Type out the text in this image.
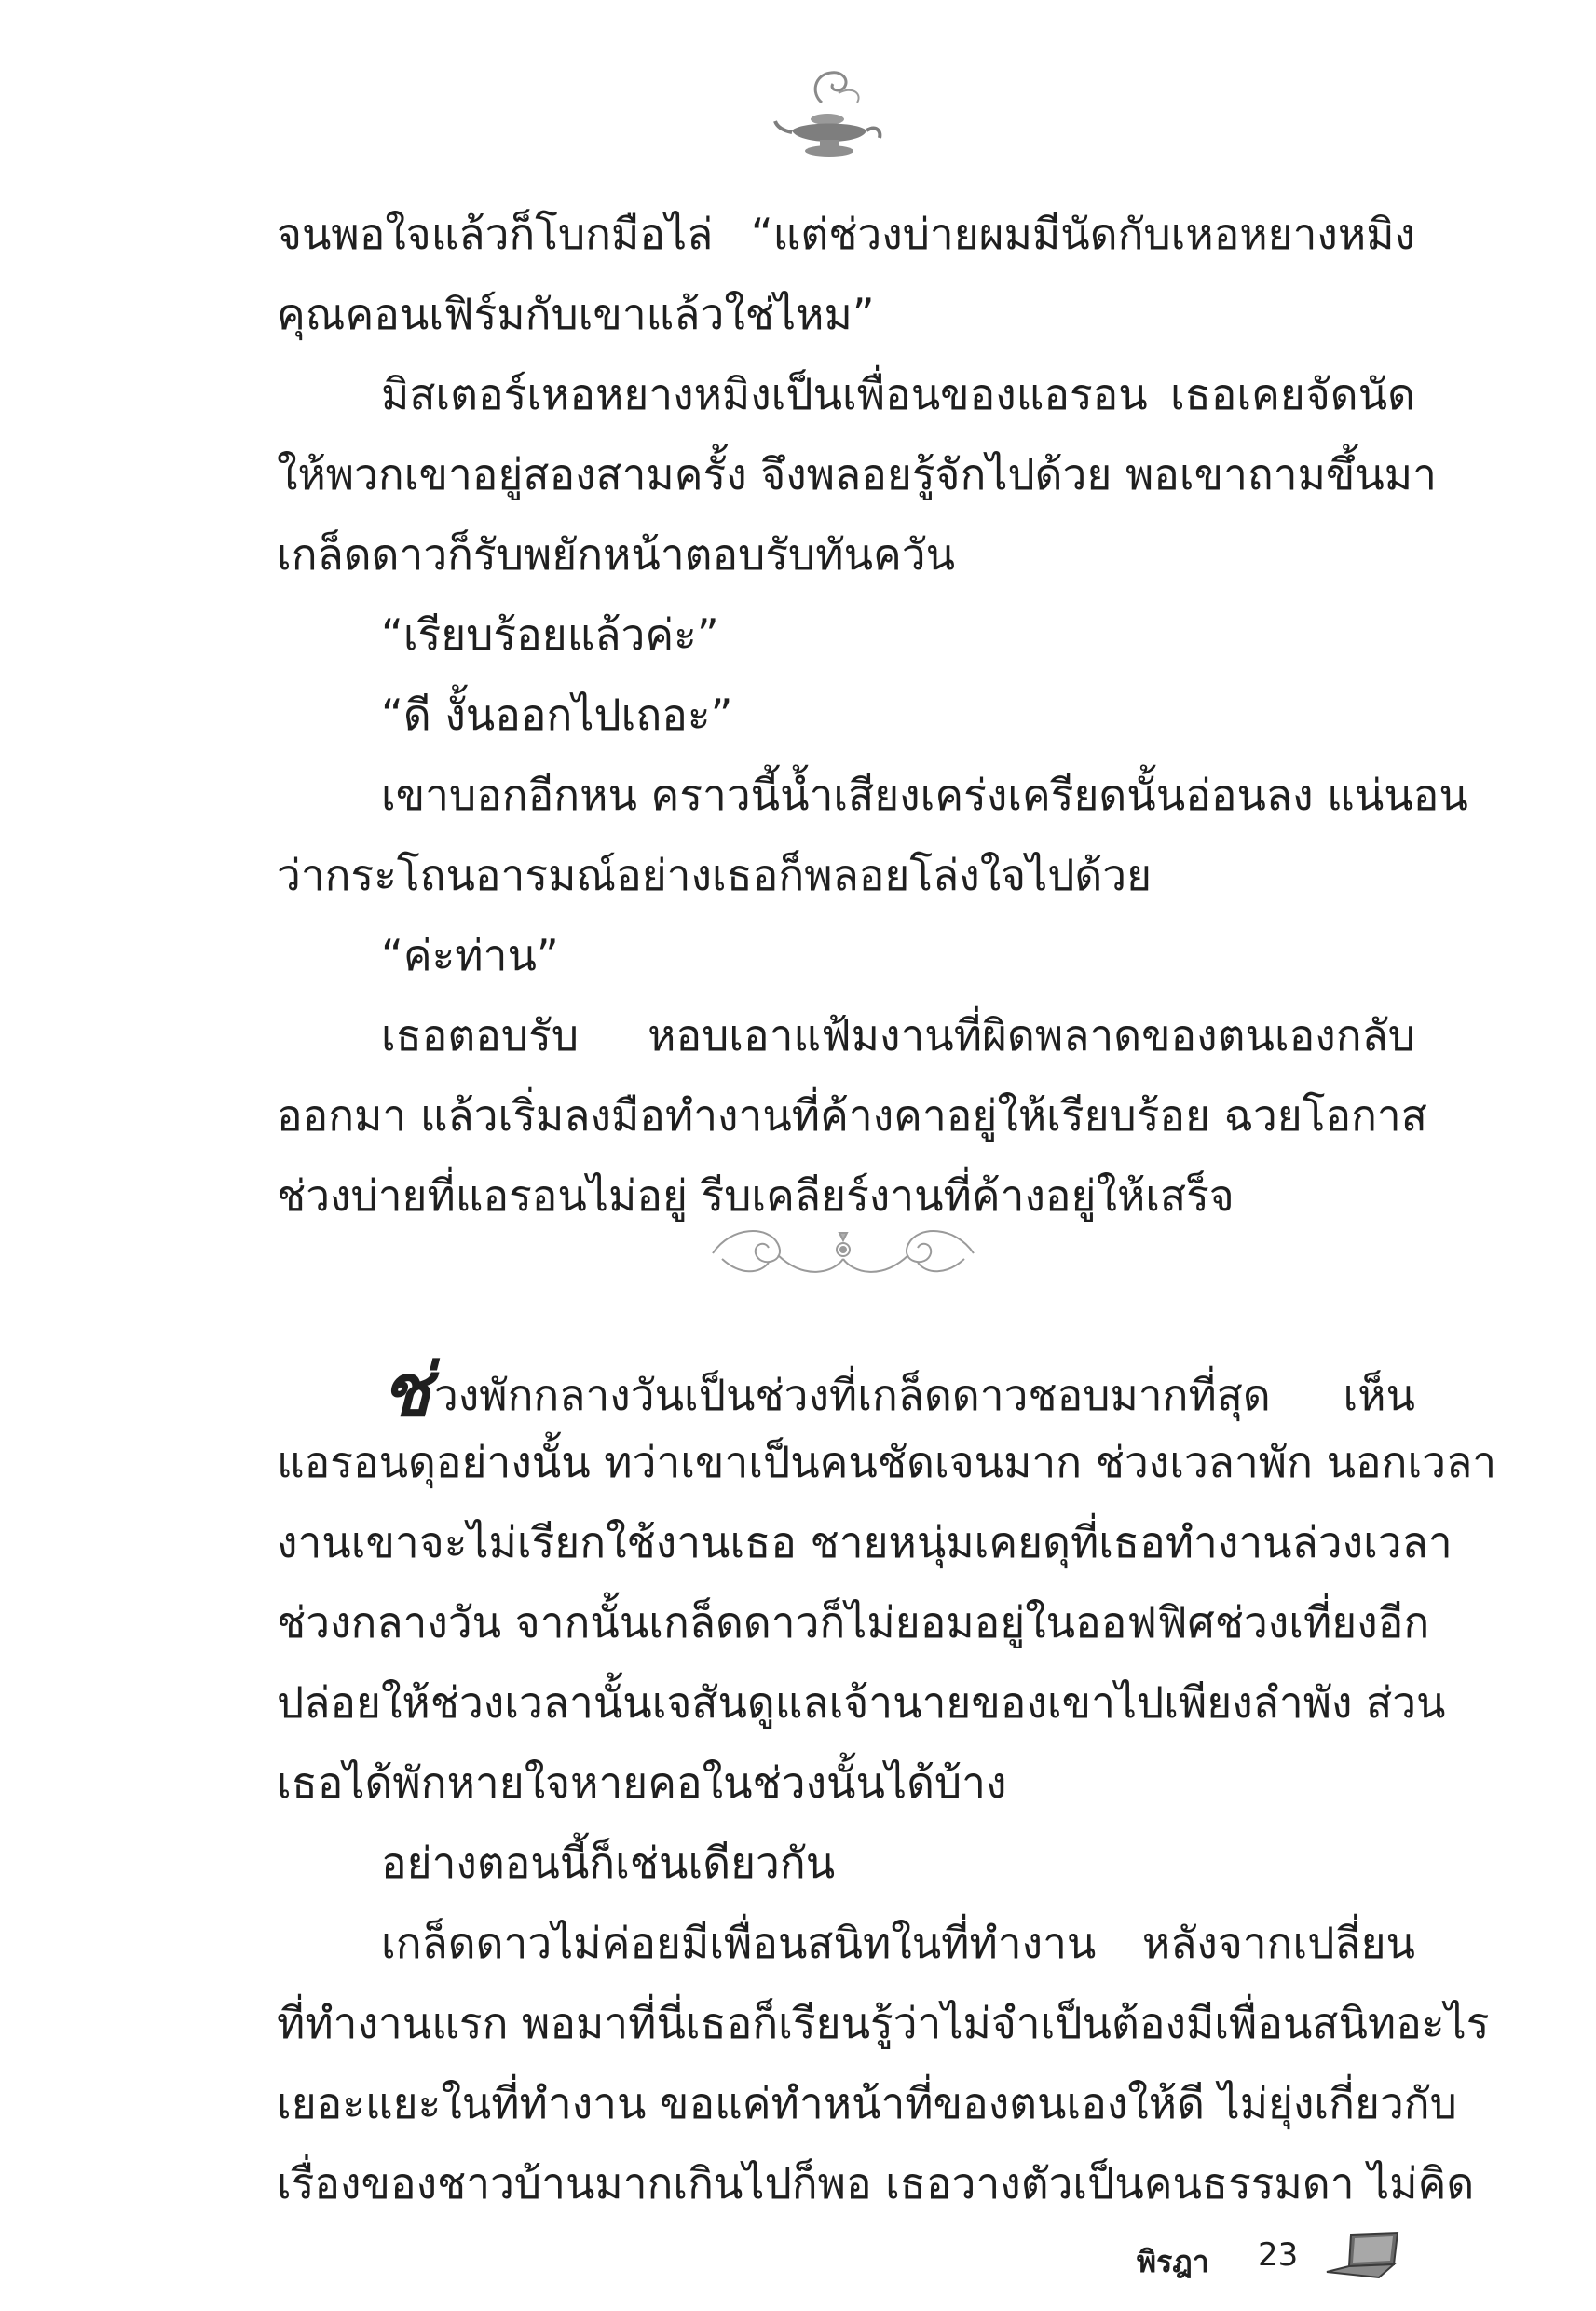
จนพอใจแล้วก็โบกมือไล่ “แต่ช่วงบ่ายผมมีนัดกับเหอหยางหมิง
คุณคอนเฟิร์มกับเขาแล้วใช่ไหม”
มิสเตอร์เหอหยางหมิงเป็นเพื่อนของแอรอน เธอเคยจัดนัด
ให้พวกเขาอยู่สองสามครั้ง จึงพลอยรู้จักไปด้วย พอเขาถามขึ้นมา
เกล็ดดาวก็รับพยักหน้าตอบรับทันควัน
“เรียบร้อยแล้วค่ะ”
“ดี งั้นออกไปเถอะ”
เขาบอกอีกหน คราวนี้น้ำเสียงเคร่งเครียดนั้นอ่อนลง แน่นอน
ว่ากระโถนอารมณ์อย่างเธอก็พลอยโล่งใจไปด้วย
“ค่ะท่าน”
เธอตอบรับ หอบเอาแฟ้มงานที่ผิดพลาดของตนเองกลับ
ออกมา แล้วเริ่มลงมือทำงานที่ค้างคาอยู่ให้เรียบร้อย ฉวยโอกาส
ช่วงบ่ายที่แอรอนไม่อยู่ รีบเคลียร์งานที่ค้างอยู่ให้เสร็จ
ช่วงพักกลางวันเป็นช่วงที่เกล็ดดาวชอบมากที่สุด เห็น
แอรอนดุอย่างนั้น ทว่าเขาเป็นคนชัดเจนมาก ช่วงเวลาพัก นอกเวลา
งานเขาจะไม่เรียกใช้งานเธอ ชายหนุ่มเคยดุที่เธอทำงานล่วงเวลา
ช่วงกลางวัน จากนั้นเกล็ดดาวก็ไม่ยอมอยู่ในออฟฟิศช่วงเที่ยงอีก
ปล่อยให้ช่วงเวลานั้นเจสันดูแลเจ้านายของเขาไปเพียงลำพัง ส่วน
เธอได้พักหายใจหายคอในช่วงนั้นได้บ้าง
อย่างตอนนี้ก็เช่นเดียวกัน
เกล็ดดาวไม่ค่อยมีเพื่อนสนิทในที่ทำงาน หลังจากเปลี่ยน
ที่ทำงานแรก พอมาที่นี่เธอก็เรียนรู้ว่าไม่จำเป็นต้องมีเพื่อนสนิทอะไร
เยอะแยะในที่ทำงาน ขอแค่ทำหน้าที่ของตนเองให้ดี ไม่ยุ่งเกี่ยวกับ
เรื่องของชาวบ้านมากเกินไปก็พอ เธอวางตัวเป็นคนธรรมดา ไม่คิด
พิรฎา 23
